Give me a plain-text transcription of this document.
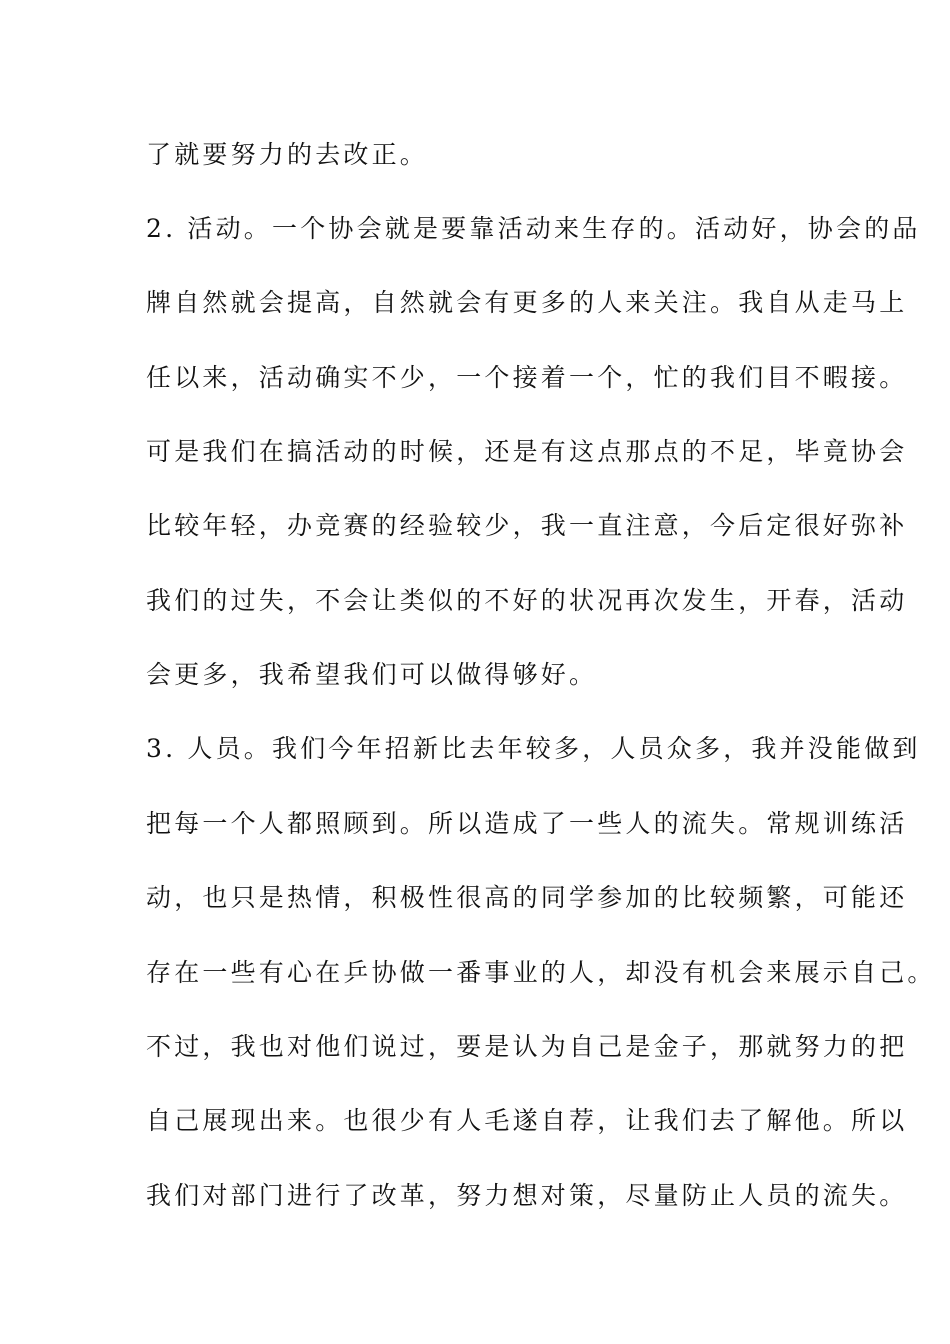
了就要努力的去改正。
2. 活动。一个协会就是要靠活动来生存的。活动好，协会的品
牌自然就会提高，自然就会有更多的人来关注。我自从走马上
任以来，活动确实不少，一个接着一个，忙的我们目不暇接。
可是我们在搞活动的时候，还是有这点那点的不足，毕竟协会
比较年轻，办竞赛的经验较少，我一直注意，今后定很好弥补
我们的过失，不会让类似的不好的状况再次发生，开春，活动
会更多，我希望我们可以做得够好。
3. 人员。我们今年招新比去年较多，人员众多，我并没能做到
把每一个人都照顾到。所以造成了一些人的流失。常规训练活
动，也只是热情，积极性很高的同学参加的比较频繁，可能还
存在一些有心在乒协做一番事业的人，却没有机会来展示自己。
不过，我也对他们说过，要是认为自己是金子，那就努力的把
自己展现出来。也很少有人毛遂自荐，让我们去了解他。所以
我们对部门进行了改革，努力想对策，尽量防止人员的流失。
